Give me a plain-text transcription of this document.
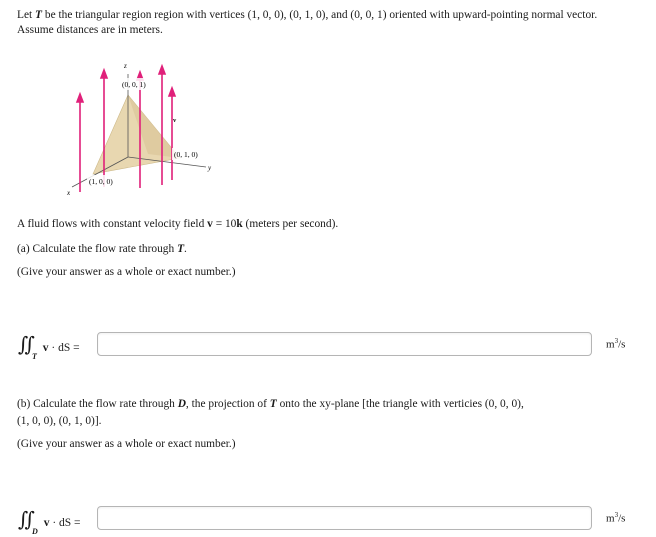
Let T be the triangular region region with vertices (1, 0, 0), (0, 1, 0), and (0, 0, 1) oriented with upward-pointing normal vector.
Assume distances are in meters.
z
y
x
v
(0, 0, 1)
(0, 1, 0)
(1, 0, 0)
A fluid flows with constant velocity field v = 10k (meters per second).
(a) Calculate the flow rate through T.
(Give your answer as a whole or exact number.)
$∬_T$ v · dS =	$m^3/s$
(b) Calculate the flow rate through D, the projection of T onto the xy-plane [the triangle with verticies (0, 0, 0),
(1, 0, 0), (0, 1, 0)].
(Give your answer as a whole or exact number.)
$∬_D$ v · dS =	$m^3/s$
